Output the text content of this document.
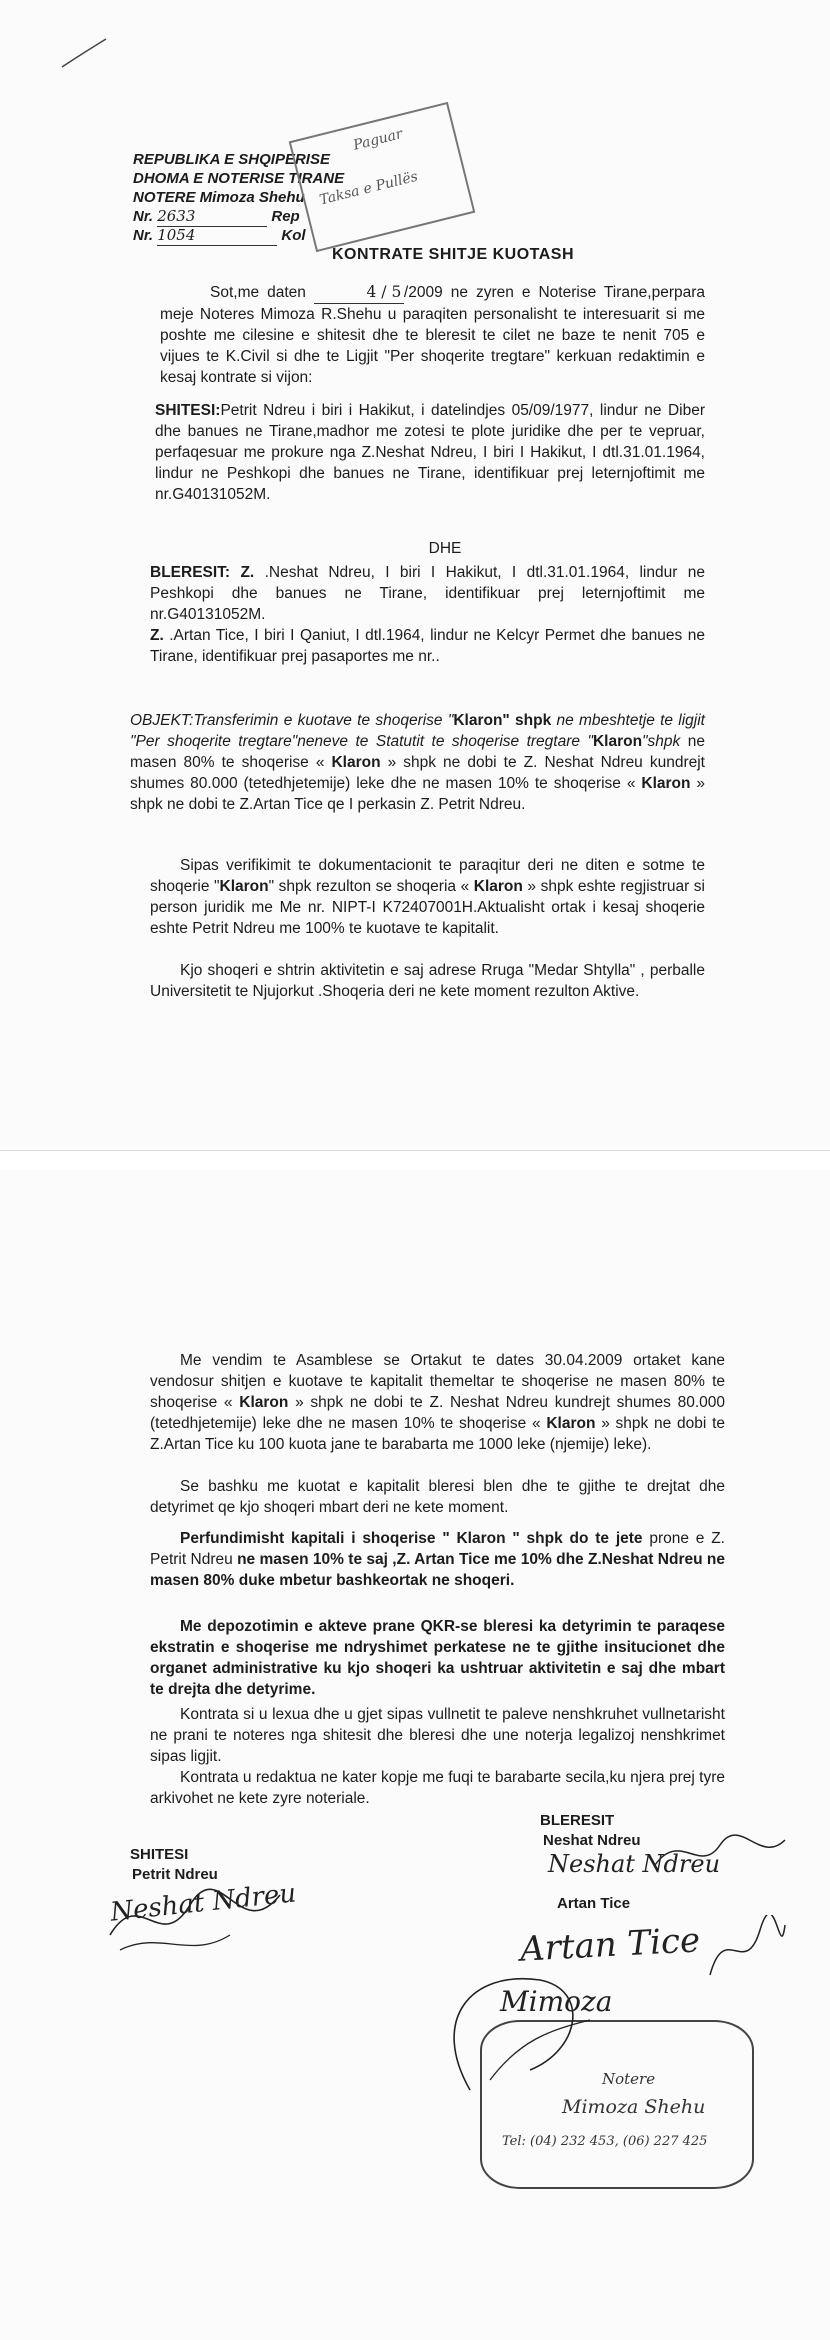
REPUBLIKA E SHQIPERISE
DHOMA E NOTERISE TIRANE
NOTERE Mimoza Shehu
Nr. 2633	Rep
Nr. 1054	Kol
Paguar
Taksa e Pullës
KONTRATE SHITJE KUOTASH

Sot,me daten	4 / 5 /2009 ne zyren e Noterise Tirane,perpara meje Noteres Mimoza R.Shehu u paraqiten personalisht te interesuarit si me poshte me cilesine e shitesit dhe te bleresit te cilet ne baze te nenit 705 e vijues te K.Civil si dhe te Ligjit "Per shoqerite tregtare" kerkuan redaktimin e kesaj kontrate si vijon:

SHITESI:Petrit Ndreu i biri i Hakikut, i datelindjes 05/09/1977, lindur ne Diber dhe banues ne Tirane,madhor me zotesi te plote juridike dhe per te vepruar, perfaqesuar me prokure nga Z.Neshat Ndreu, I biri I Hakikut, I dtl.31.01.1964, lindur ne Peshkopi dhe banues ne Tirane, identifikuar prej leternjoftimit me nr.G40131052M.

DHE

BLERESIT: Z. .Neshat Ndreu, I biri I Hakikut, I dtl.31.01.1964, lindur ne Peshkopi dhe banues ne Tirane, identifikuar prej leternjoftimit me nr.G40131052M.
Z. .Artan Tice, I biri I Qaniut, I dtl.1964, lindur ne Kelcyr Permet dhe banues ne Tirane, identifikuar prej pasaportes me nr..

OBJEKT:Transferimin e kuotave te shoqerise "Klaron" shpk ne mbeshtetje te ligjit "Per shoqerite tregtare"neneve te Statutit te shoqerise tregtare "Klaron"shpk ne masen 80% te shoqerise « Klaron » shpk ne dobi te Z. Neshat Ndreu kundrejt shumes 80.000 (tetedhjetemije) leke dhe ne masen 10% te shoqerise « Klaron » shpk ne dobi te Z.Artan Tice qe I perkasin Z. Petrit Ndreu.

Sipas verifikimit te dokumentacionit te paraqitur deri ne diten e sotme te shoqerie "Klaron" shpk rezulton se shoqeria « Klaron » shpk eshte regjistruar si person juridik me Me nr. NIPT-I K72407001H.Aktualisht ortak i kesaj shoqerie eshte Petrit Ndreu me 100% te kuotave te kapitalit.

Kjo shoqeri e shtrin aktivitetin e saj adrese Rruga "Medar Shtylla" , perballe Universitetit te Njujorkut .Shoqeria deri ne kete moment rezulton Aktive.

Me vendim te Asamblese se Ortakut te dates 30.04.2009 ortaket kane vendosur shitjen e kuotave te kapitalit themeltar te shoqerise ne masen 80% te shoqerise « Klaron » shpk ne dobi te Z. Neshat Ndreu kundrejt shumes 80.000 (tetedhjetemije) leke dhe ne masen 10% te shoqerise « Klaron » shpk ne dobi te Z.Artan Tice ku 100 kuota jane te barabarta me 1000 leke (njemije) leke).

Se bashku me kuotat e kapitalit bleresi blen dhe te gjithe te drejtat dhe detyrimet qe kjo shoqeri mbart deri ne kete moment.

Perfundimisht kapitali i shoqerise " Klaron " shpk do te jete prone e Z. Petrit Ndreu ne masen 10% te saj ,Z. Artan Tice me 10% dhe Z.Neshat Ndreu ne masen 80% duke mbetur bashkeortak ne shoqeri.

Me depozotimin e akteve prane QKR-se bleresi ka detyrimin te paraqese ekstratin e shoqerise me ndryshimet perkatese ne te gjithe insitucionet dhe organet administrative ku kjo shoqeri ka ushtruar aktivitetin e saj dhe mbart te drejta dhe detyrime.

Kontrata si u lexua dhe u gjet sipas vullnetit te paleve nenshkruhet vullnetarisht ne prani te noteres nga shitesit dhe bleresi dhe une noterja legalizoj nenshkrimet sipas ligjit.

Kontrata u redaktua ne kater kopje me fuqi te barabarte secila,ku njera prej tyre arkivohet ne kete zyre noteriale.

SHITESI
Petrit Ndreu
Neshat Ndreu
BLERESIT
Neshat Ndreu
Neshat Ndreu
Artan Tice
Artan Tice
Notere
Mimoza Shehu
Tel: (04) 232 453, (06) 227 425
Mimoza
